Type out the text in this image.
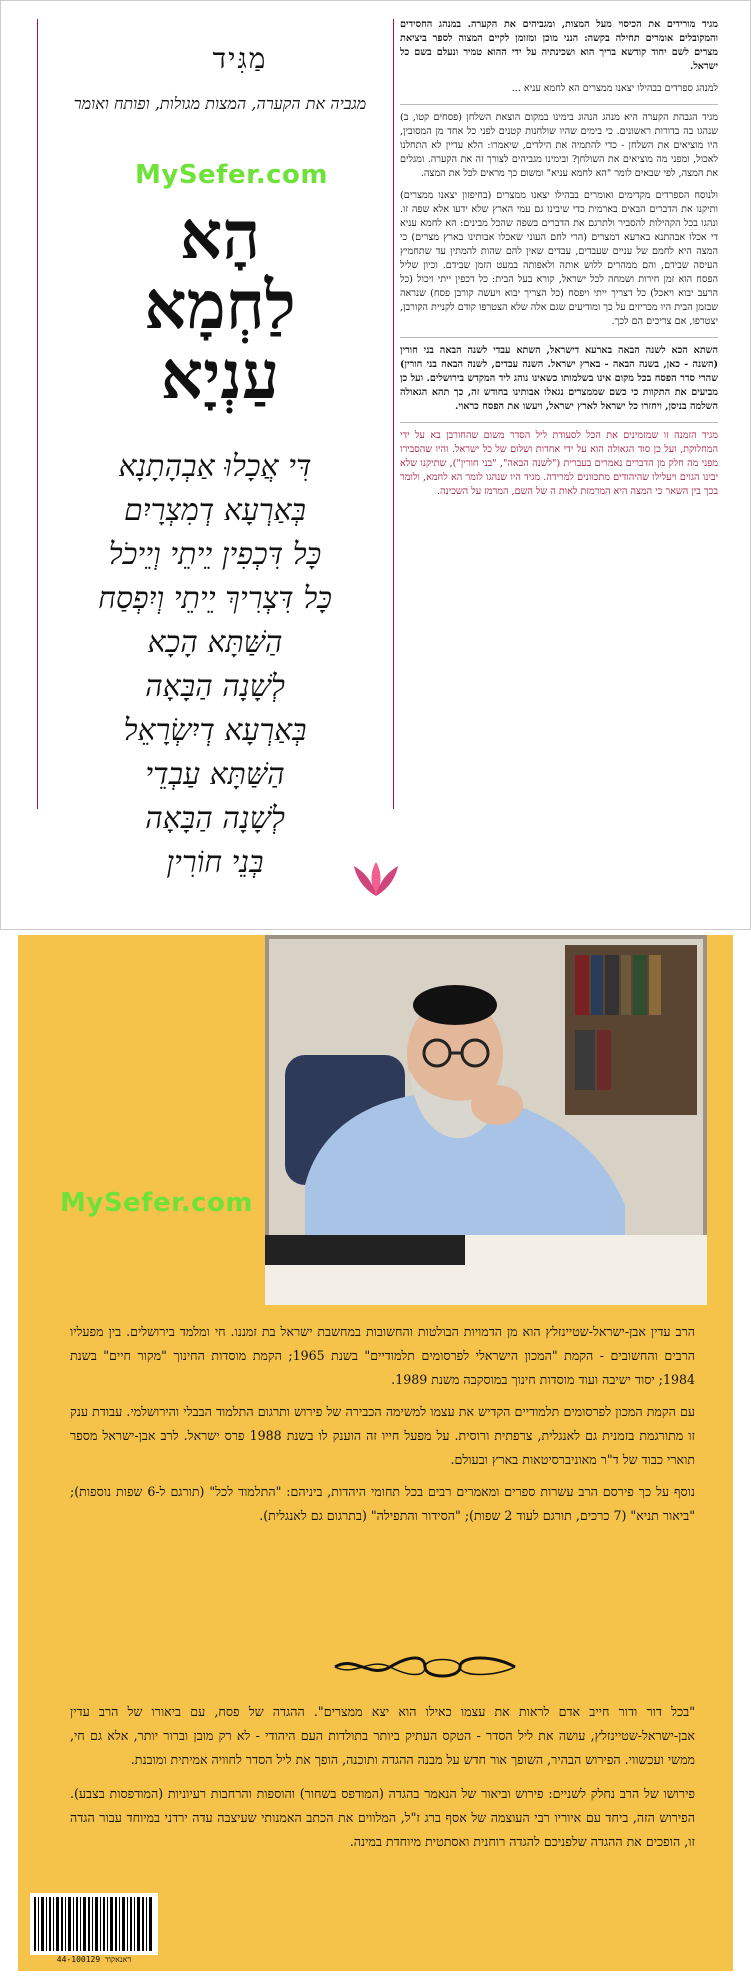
מַגִּיד
מגביה את הקערה, המצות מגולות, ופותח ואומר
MySefer.com
הָא
לַחְמָא
עַנְיָא
דִּי אֲכָלוּ אַבְהָתָנָא
בְּאַרְעָא דְמִצְרָיִם
כָּל דִּכְפִין יֵיתֵי וְיֵיכֹל
כָּל דִּצְרִיךְ יֵיתֵי וְיִפְסַח
הַשַּׁתָּא הָכָא
לְשָׁנָה הַבָּאָה
בְּאַרְעָא דְיִשְׂרָאֵל
הַשַּׁתָּא עַבְדֵי
לְשָׁנָה הַבָּאָה
בְּנֵי חוֹרִין

מגיד מורידים את הכיסוי מעל המצות, ומגביהים את הקערה. במנהג החסידים והמקובלים אומרים תחילה בקשה: הנני מוכן ומזומן לקיים המצוה לספר ביציאת מצרים לשם יחוד קודשא בריך הוא ושכינתיה על ידי ההוא טמיר ונעלם בשם כל ישראל.

למנהג ספרדים בבהילו יצאנו ממצרים הא לחמא עניא ...

מגיד הגבהת הקערה היא מנהג הנהוג בימינו במקום הוצאת השלחן (פסחים קטו, ב) שנהגו בה בדורות ראשונים. כי בימים שהיו שולחנות קטנים לפני כל אחד מן המסובין, היו מוציאים את השלחן - כדי להתמיה את הילדים, שיאמרו: הלא עדיין לא התחלנו לאכול, ומפני מה מוציאים את השולחן? ובימינו מגביהים לצורך זה את הקערה. ומגלים את המצה, לפי שבאים לומר "הא לחמא עניא" ומשום כך מראים לכל את המצה.

ולנוסח הספרדים מקדימים ואומרים בבהילו יצאנו ממצרים (בחיפזון יצאנו ממצרים) ותיקנו את הדברים הבאים בארמית כדי שיבינו גם עמי הארץ שלא ידעו אלא שפה זו. ונהגו בכל הקהילות להסביר ולתרגם את הדברים בשפה שהכל מבינים: הא לחמא עניא די אכלו אבהתנא בארעא דמצרים (הרי לחם העוני שאכלו אבותינו בארץ מצרים) כי המצה היא לחמם של עניים שעבדים, עבדים שאין להם שהות להמתין עד שתחמיץ העיסה שבידם, והם ממהרים ללוש אותה ולאפותה במעט הזמן שבידם. וכיון שליל הפסח הוא זמן חירות ושמחה לכל ישראל, קורא בעל הבית: כל דכפין ייתי ויכול (כל הרעב יבוא ויאכל) כל דצריך ייתי ויפסח (כל הצריך יבוא ויעשה קורבן פסח) שנראה שבזמן הבית היו מכריזים על כך ומודיעים שגם אלה שלא הצטרפו קודם לקניית הקורבן, יצטרפו, אם צריכים הם לכך.

השתא הכא לשנה הבאה בארעא דישראל, השתא עבדי לשנה הבאה בני חורין (השנה - כאן, בשנה הבאה - בארץ ישראל. השנה עבדים, לשנה הבאה בני חורין) שהרי סדר הפסח בכל מקום אינו בשלמותו כשאינו נוהג ליד המקדש בירושלים. ועל כן מביעים את התקוות כי כשם שממצרים נגאלו אבותינו בחודש זה, כך תהא הגאולה השלמה בניסן, ויחזרו כל ישראל לארץ ישראל, ויעשו את הפסח כראוי.

מגיד הזמנה זו שמזמינים את הכל לסעודת ליל הסדר משום שהחורבן בא על ידי המחלוקת, ועל כן סוד הגאולה הוא על ידי אחדות ושלום של כל ישראל. והיו שהסבירו מפני מה חלק מן הדברים נאמרים בעברית ("לשנה הבאה", "בני חורין"), שתיקנו שלא יבינו הגוים ויעלילו שהיהודים מתכוונים למרידה. מגיד היו שנהגו לומר הא לחמא, ולומר בכך בין השאר כי המצה היא המרמזת לאות ה של השם, המרמז על השכינה.

MySefer.com

הרב עדין אבן-ישראל-שטיינזלץ הוא מן הדמויות הבולטות והחשובות במחשבת ישראל בת זמננו. חי ומלמד בירושלים. בין מפעליו הרבים והחשובים - הקמת "המכון הישראלי לפרסומים תלמודיים" בשנת 1965; הקמת מוסדות החינוך "מקור חיים" בשנת 1984; יסוד ישיבה ועוד מוסדות חינוך במוסקבה משנת 1989.

עם הקמת המכון לפרסומים תלמודיים הקדיש את עצמו למשימה הכבירה של פירוש ותרגום התלמוד הבבלי והירושלמי. עבודת ענק זו מתורגמת בזמנית גם לאנגלית, צרפתית ורוסית. על מפעל חייו זה הוענק לו בשנת 1988 פרס ישראל. לרב אבן-ישראל מספר תוארי כבוד של ד"ר מאוניברסיטאות בארץ ובעולם.

נוסף על כך פירסם הרב עשרות ספרים ומאמרים רבים בכל תחומי היהדות, ביניהם: "התלמוד לכל" (תורגם ל-6 שפות נוספות); "ביאור תניא" (7 כרכים, תורגם לעוד 2 שפות); "הסידור והתפילה" (בתרגום גם לאנגלית).

"בכל דור ודור חייב אדם לראות את עצמו כאילו הוא יצא ממצרים". ההגדה של פסח, עם ביאורו של הרב עדין אבן-ישראל-שטיינזלץ, עושה את ליל הסדר - הטקס העתיק ביותר בתולדות העם היהודי - לא רק מובן וברור יותר, אלא גם חי, ממשי ועכשווי. הפירוש הבהיר, השופך אור חדש על מבנה ההגדה ותוכנה, הופך את ליל הסדר לחוויה אמיתית ומובנת.

פירושו של הרב נחלק לשניים: פירוש וביאור של הנאמר בהגדה (המודפס בשחור) והוספות והרחבות רעיוניות (המודפסות בצבע). הפירוש הזה, ביחד עם איוריו רבי העוצמה של אסף ברג ז"ל, המלווים את הכתב האמנותי שעיצבה עדה ירדני במיוחד עבור הגדה זו, הופכים את ההגדה שלפניכם להגדה רוחנית ואסתטית מיוחדת במינה.

44-100129 דאנאקוד
